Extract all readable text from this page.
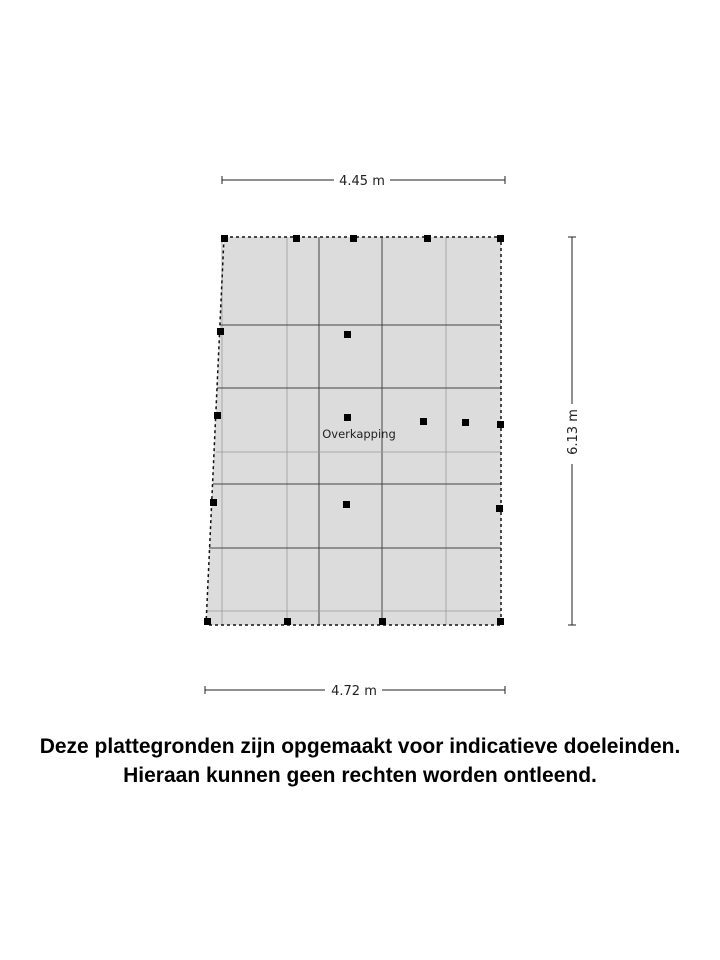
4.45 m
6.13 m
4.72 m
Overkapping
Deze plattegronden zijn opgemaakt voor indicatieve doeleinden.
Hieraan kunnen geen rechten worden ontleend.
